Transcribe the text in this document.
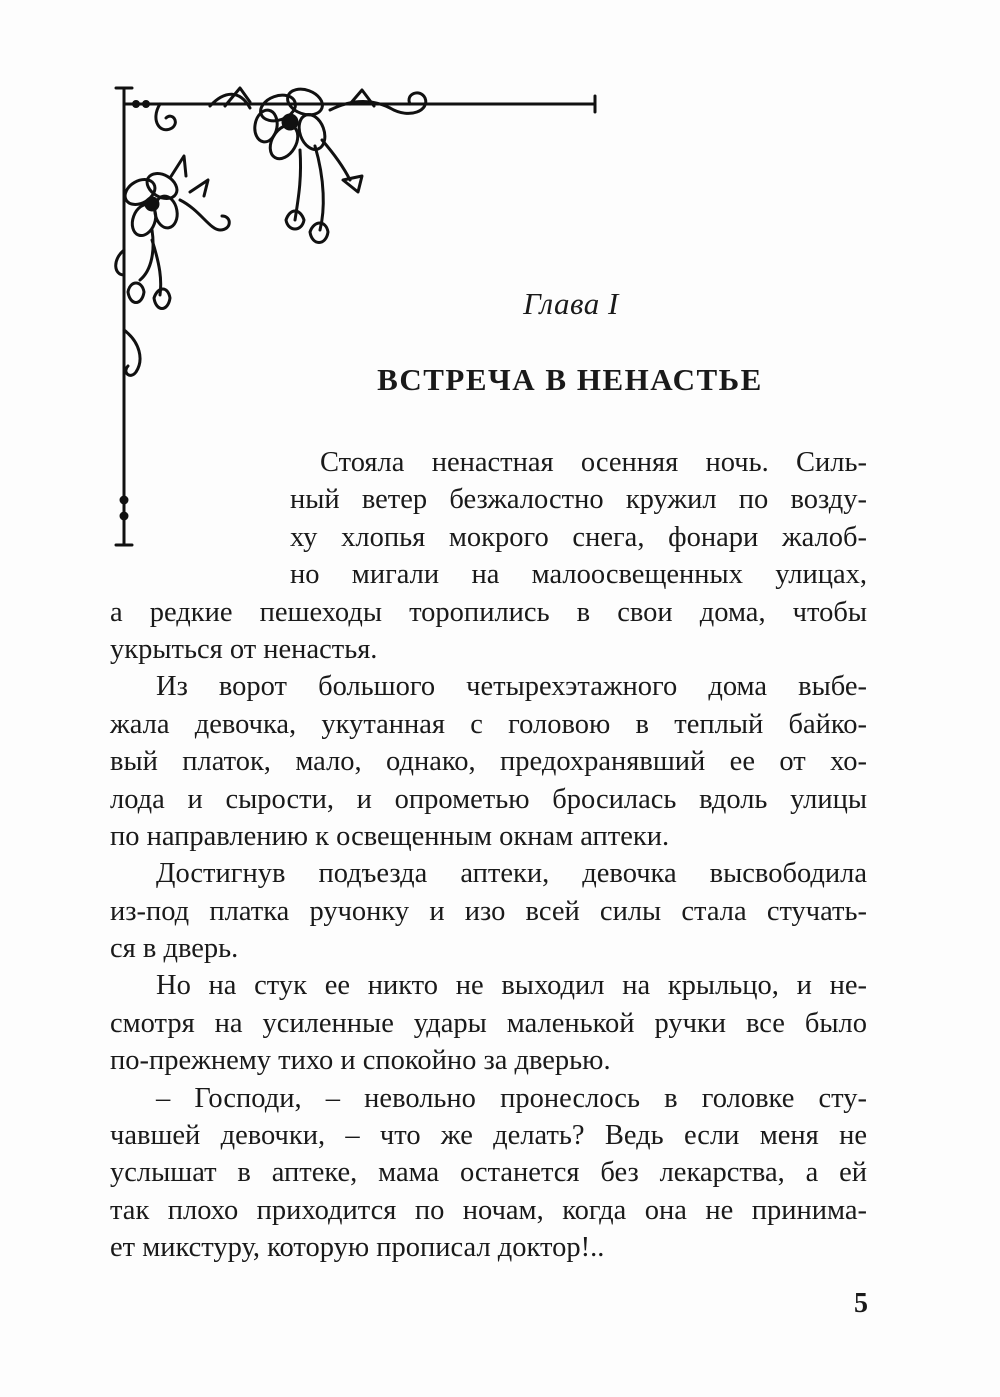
Глава I
ВСТРЕЧА В НЕНАСТЬЕ
Стояла ненастная осенняя ночь. Силь-
ный ветер безжалостно кружил по возду-
ху хлопья мокрого снега, фонари жалоб-
но мигали на малоосвещенных улицах,
а редкие пешеходы торопились в свои дома, чтобы
укрыться от ненастья.
Из ворот большого четырехэтажного дома выбе-
жала девочка, укутанная с головою в теплый байко-
вый платок, мало, однако, предохранявший ее от хо-
лода и сырости, и опрометью бросилась вдоль улицы
по направлению к освещенным окнам аптеки.
Достигнув подъезда аптеки, девочка высвободила
из-под платка ручонку и изо всей силы стала стучать-
ся в дверь.
Но на стук ее никто не выходил на крыльцо, и не-
смотря на усиленные удары маленькой ручки все было
по-прежнему тихо и спокойно за дверью.
– Господи, – невольно пронеслось в головке сту-
чавшей девочки, – что же делать? Ведь если меня не
услышат в аптеке, мама останется без лекарства, а ей
так плохо приходится по ночам, когда она не принима-
ет микстуру, которую прописал доктор!..
5
